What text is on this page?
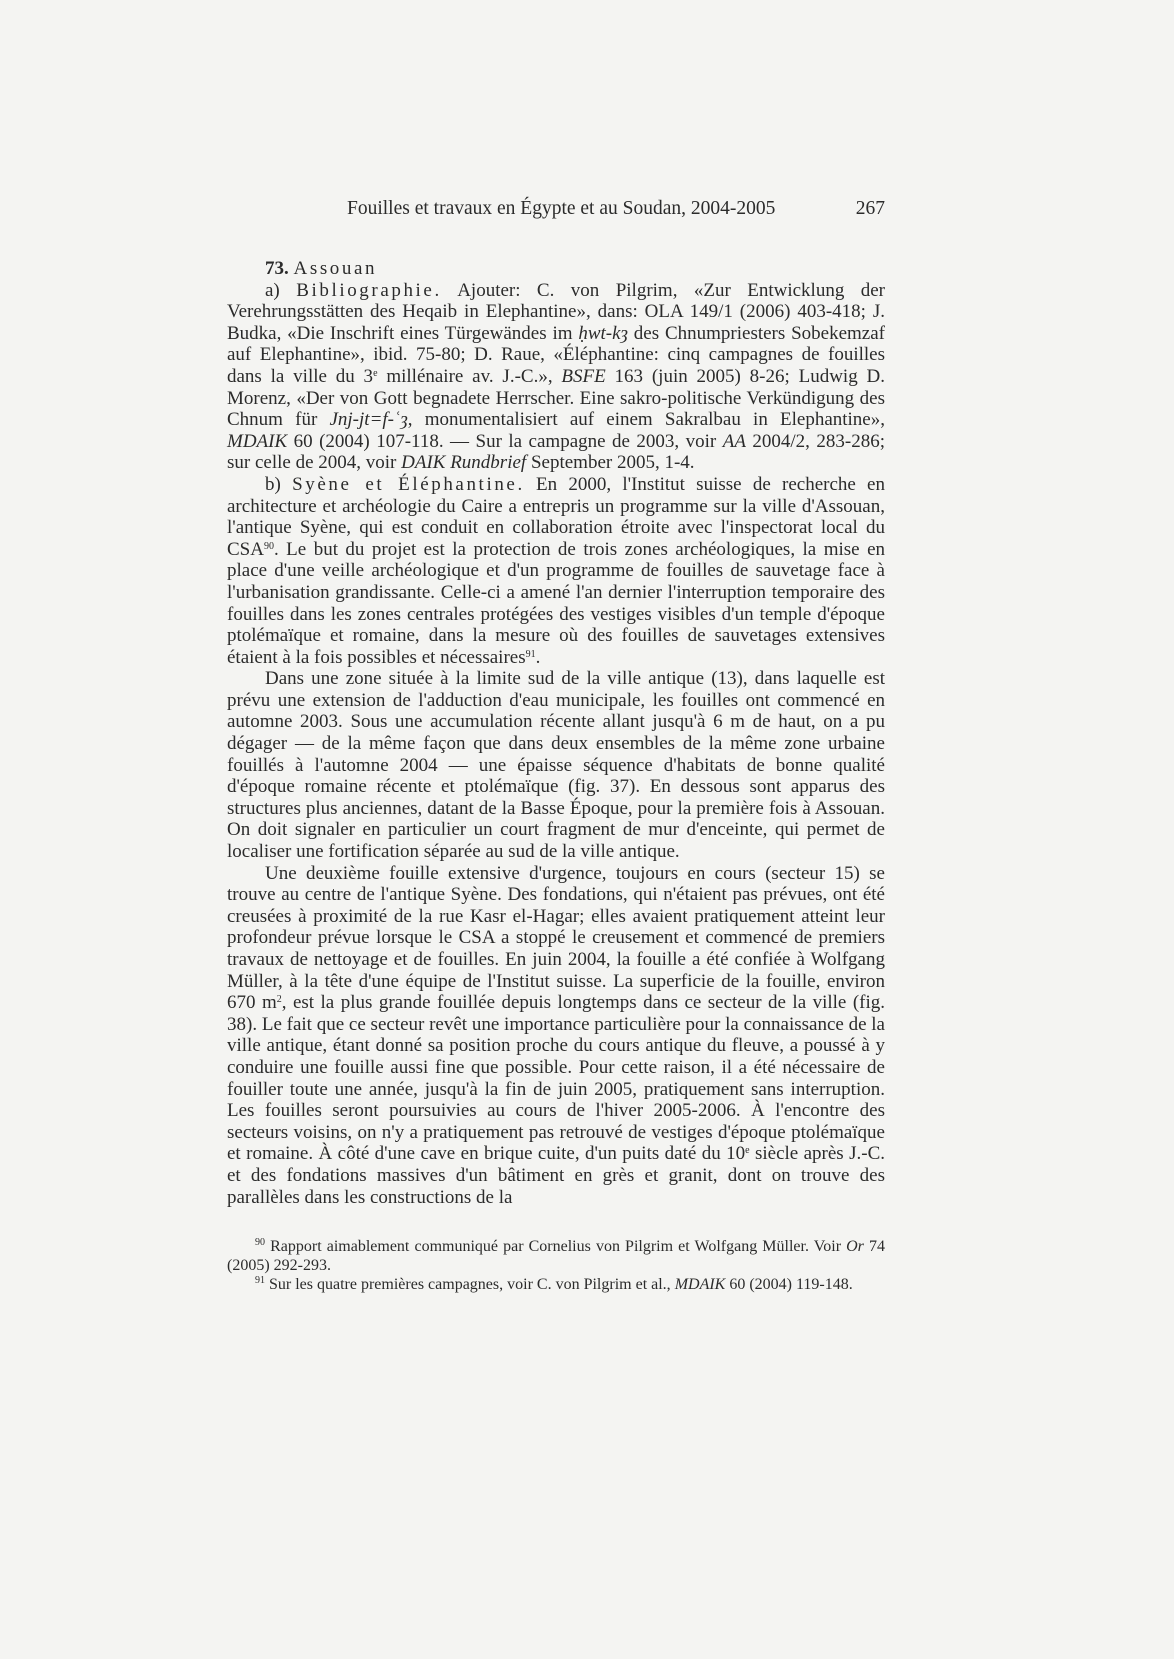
Fouilles et travaux en Égypte et au Soudan, 2004-2005	267

73. Assouan

a) Bibliographie. Ajouter: C. von Pilgrim, «Zur Entwicklung der Verehrungsstätten des Heqaib in Elephantine», dans: OLA 149/1 (2006) 403-418; J. Budka, «Die Inschrift eines Türgewändes im ḥwt-kȝ des Chnumpriesters Sobekemzaf auf Elephantine», ibid. 75-80; D. Raue, «Éléphantine: cinq campagnes de fouilles dans la ville du 3e millénaire av. J.-C.», BSFE 163 (juin 2005) 8-26; Ludwig D. Morenz, «Der von Gott begnadete Herrscher. Eine sakro-politische Verkündigung des Chnum für Jnj-jt=f-ʿȝ, monumentalisiert auf einem Sakralbau in Elephantine», MDAIK 60 (2004) 107-118. — Sur la campagne de 2003, voir AA 2004/2, 283-286; sur celle de 2004, voir DAIK Rundbrief September 2005, 1-4.

b) Syène et Éléphantine. En 2000, l'Institut suisse de recherche en architecture et archéologie du Caire a entrepris un programme sur la ville d'Assouan, l'antique Syène, qui est conduit en collaboration étroite avec l'inspectorat local du CSA$^{90}$. Le but du projet est la protection de trois zones archéologiques, la mise en place d'une veille archéologique et d'un programme de fouilles de sauvetage face à l'urbanisation grandissante. Celle-ci a amené l'an dernier l'interruption temporaire des fouilles dans les zones centrales protégées des vestiges visibles d'un temple d'époque ptolémaïque et romaine, dans la mesure où des fouilles de sauvetages extensives étaient à la fois possibles et nécessaires$^{91}$.

Dans une zone située à la limite sud de la ville antique (13), dans laquelle est prévu une extension de l'adduction d'eau municipale, les fouilles ont commencé en automne 2003. Sous une accumulation récente allant jusqu'à 6 m de haut, on a pu dégager — de la même façon que dans deux ensembles de la même zone urbaine fouillés à l'automne 2004 — une épaisse séquence d'habitats de bonne qualité d'époque romaine récente et ptolémaïque (fig. 37). En dessous sont apparus des structures plus anciennes, datant de la Basse Époque, pour la première fois à Assouan. On doit signaler en particulier un court fragment de mur d'enceinte, qui permet de localiser une fortification séparée au sud de la ville antique.

Une deuxième fouille extensive d'urgence, toujours en cours (secteur 15) se trouve au centre de l'antique Syène. Des fondations, qui n'étaient pas prévues, ont été creusées à proximité de la rue Kasr el-Hagar; elles avaient pratiquement atteint leur profondeur prévue lorsque le CSA a stoppé le creusement et commencé de premiers travaux de nettoyage et de fouilles. En juin 2004, la fouille a été confiée à Wolfgang Müller, à la tête d'une équipe de l'Institut suisse. La superficie de la fouille, environ 670 $m^2$, est la plus grande fouillée depuis longtemps dans ce secteur de la ville (fig. 38). Le fait que ce secteur revêt une importance particulière pour la connaissance de la ville antique, étant donné sa position proche du cours antique du fleuve, a poussé à y conduire une fouille aussi fine que possible. Pour cette raison, il a été nécessaire de fouiller toute une année, jusqu'à la fin de juin 2005, pratiquement sans interruption. Les fouilles seront poursuivies au cours de l'hiver 2005-2006. À l'encontre des secteurs voisins, on n'y a pratiquement pas retrouvé de vestiges d'époque ptolémaïque et romaine. À côté d'une cave en brique cuite, d'un puits daté du 10e siècle après J.-C. et des fondations massives d'un bâtiment en grès et granit, dont on trouve des parallèles dans les constructions de la

$^{90}$ Rapport aimablement communiqué par Cornelius von Pilgrim et Wolfgang Müller. Voir Or 74 (2005) 292-293.

$^{91}$ Sur les quatre premières campagnes, voir C. von Pilgrim et al., MDAIK 60 (2004) 119-148.
